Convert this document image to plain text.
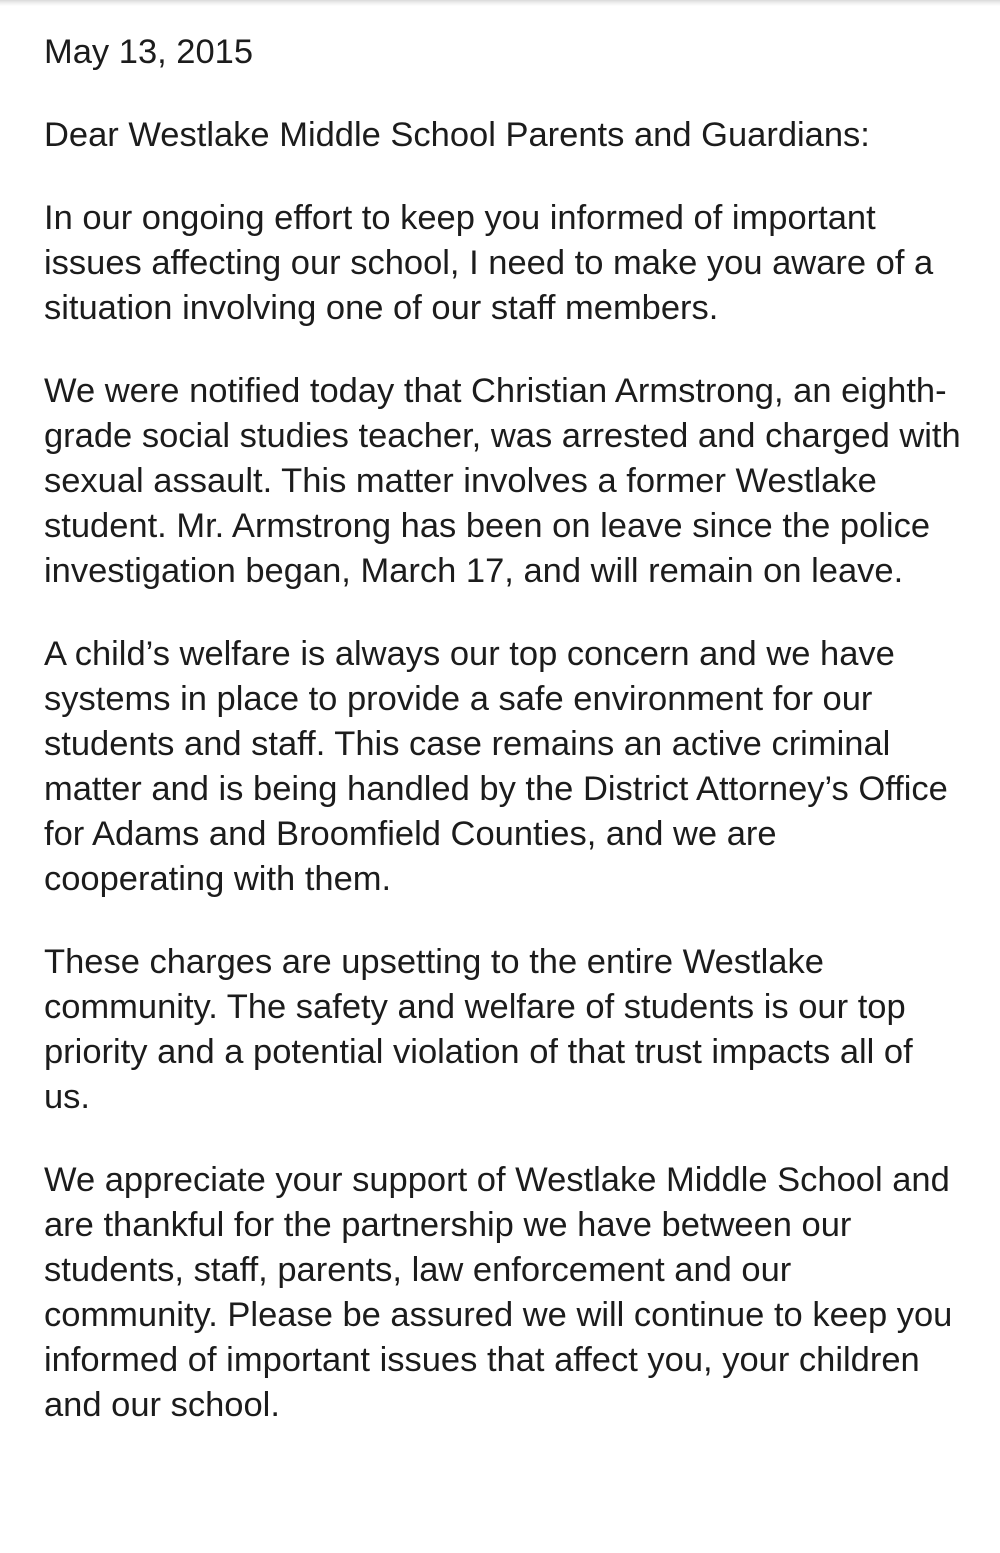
May 13, 2015

Dear Westlake Middle School Parents and Guardians:

In our ongoing effort to keep you informed of important issues affecting our school, I need to make you aware of a situation involving one of our staff members.

We were notified today that Christian Armstrong, an eighth-grade social studies teacher, was arrested and charged with sexual assault. This matter involves a former Westlake student. Mr. Armstrong has been on leave since the police investigation began, March 17, and will remain on leave.

A child’s welfare is always our top concern and we have systems in place to provide a safe environment for our students and staff. This case remains an active criminal matter and is being handled by the District Attorney’s Office for Adams and Broomfield Counties, and we are cooperating with them.

These charges are upsetting to the entire Westlake community. The safety and welfare of students is our top priority and a potential violation of that trust impacts all of us.

We appreciate your support of Westlake Middle School and are thankful for the partnership we have between our students, staff, parents, law enforcement and our community. Please be assured we will continue to keep you informed of important issues that affect you, your children and our school.
